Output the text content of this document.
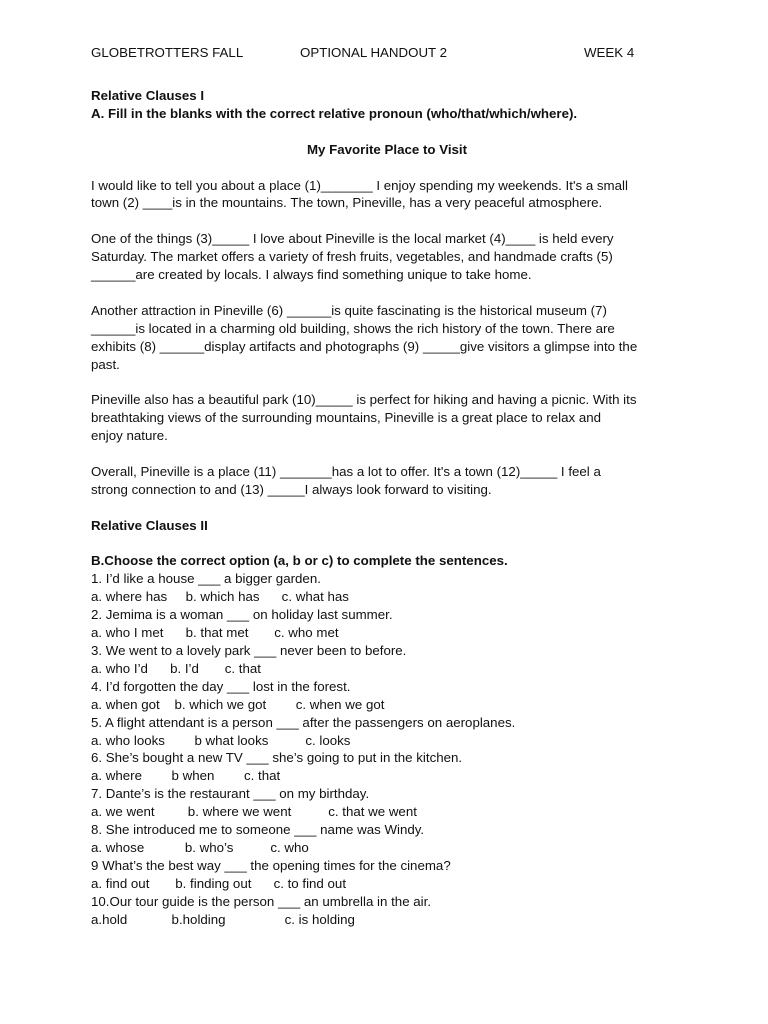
GLOBETROTTERS FALL	OPTIONAL HANDOUT 2	WEEK 4

Relative Clauses I

A. Fill in the blanks with the correct relative pronoun (who/that/which/where).

My Favorite Place to Visit

I would like to tell you about a place (1)_______ I enjoy spending my weekends. It's a small

town (2) ____is in the mountains. The town, Pineville, has a very peaceful atmosphere.

One of the things (3)_____ I love about Pineville is the local market (4)____ is held every

Saturday. The market offers a variety of fresh fruits, vegetables, and handmade crafts (5)

______are created by locals. I always find something unique to take home.

Another attraction in Pineville (6) ______is quite fascinating is the historical museum (7)

______is located in a charming old building, shows the rich history of the town. There are

exhibits (8) ______display artifacts and photographs (9) _____give visitors a glimpse into the

past.

Pineville also has a beautiful park (10)_____ is perfect for hiking and having a picnic. With its

breathtaking views of the surrounding mountains, Pineville is a great place to relax and

enjoy nature.

Overall, Pineville is a place (11) _______has a lot to offer. It's a town (12)_____ I feel a

strong connection to and (13) _____I always look forward to visiting.

Relative Clauses II

B.Choose the correct option (a, b or c) to complete the sentences.

1. I’d like a house ___ a bigger garden.

a. where has     b. which has      c. what has

2. Jemima is a woman ___ on holiday last summer.

a. who I met      b. that met       c. who met

3. We went to a lovely park ___ never been to before.

a. who I’d      b. I’d       c. that

4. I’d forgotten the day ___ lost in the forest.

a. when got    b. which we got        c. when we got

5. A flight attendant is a person ___ after the passengers on aeroplanes.

a. who looks        b what looks          c. looks

6. She’s bought a new TV ___ she’s going to put in the kitchen.

a. where        b when        c. that

7. Dante’s is the restaurant ___ on my birthday.

a. we went         b. where we went          c. that we went

8. She introduced me to someone ___ name was Windy.

a. whose           b. who’s          c. who

9 What’s the best way ___ the opening times for the cinema?

a. find out       b. finding out      c. to find out

10.Our tour guide is the person ___ an umbrella in the air.

a.hold            b.holding                c. is holding
